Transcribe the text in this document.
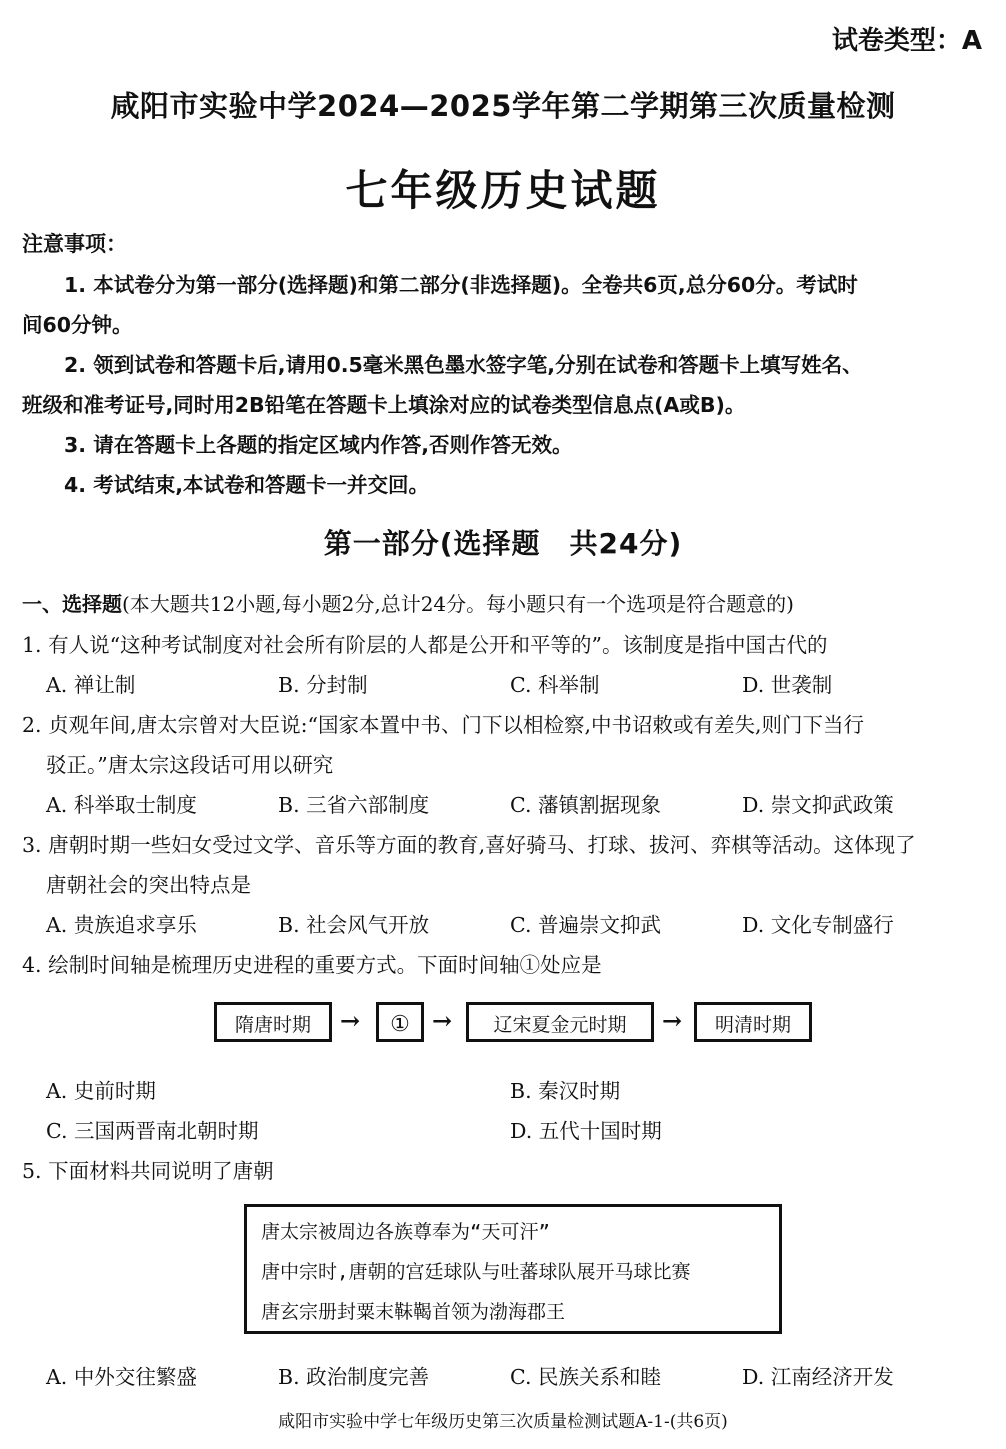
试卷类型：A
咸阳市实验中学2024—2025学年第二学期第三次质量检测
七年级历史试题
注意事项：
1. 本试卷分为第一部分(选择题)和第二部分(非选择题)。全卷共6页,总分60分。考试时
间60分钟。
2. 领到试卷和答题卡后,请用0.5毫米黑色墨水签字笔,分别在试卷和答题卡上填写姓名、
班级和准考证号,同时用2B铅笔在答题卡上填涂对应的试卷类型信息点(A或B)。
3. 请在答题卡上各题的指定区域内作答,否则作答无效。
4. 考试结束,本试卷和答题卡一并交回。
第一部分(选择题　共24分)
一、选择题(本大题共12小题,每小题2分,总计24分。每小题只有一个选项是符合题意的)
1. 有人说“这种考试制度对社会所有阶层的人都是公开和平等的”。该制度是指中国古代的
A. 禅让制	B. 分封制	C. 科举制	D. 世袭制
2. 贞观年间,唐太宗曾对大臣说:“国家本置中书、门下以相检察,中书诏敕或有差失,则门下当行
驳正。”唐太宗这段话可用以研究
A. 科举取士制度	B. 三省六部制度	C. 藩镇割据现象	D. 崇文抑武政策
3. 唐朝时期一些妇女受过文学、音乐等方面的教育,喜好骑马、打球、拔河、弈棋等活动。这体现了
唐朝社会的突出特点是
A. 贵族追求享乐	B. 社会风气开放	C. 普遍崇文抑武	D. 文化专制盛行
4. 绘制时间轴是梳理历史进程的重要方式。下面时间轴①处应是
隋唐时期	→	① →	辽宋夏金元时期	→	明清时期
A. 史前时期	B. 秦汉时期
C. 三国两晋南北朝时期	D. 五代十国时期
5. 下面材料共同说明了唐朝
唐太宗被周边各族尊奉为“天可汗”
唐中宗时,唐朝的宫廷球队与吐蕃球队展开马球比赛
唐玄宗册封粟末靺鞨首领为渤海郡王
A. 中外交往繁盛	B. 政治制度完善	C. 民族关系和睦	D. 江南经济开发
咸阳市实验中学七年级历史第三次质量检测试题A-1-(共6页)
